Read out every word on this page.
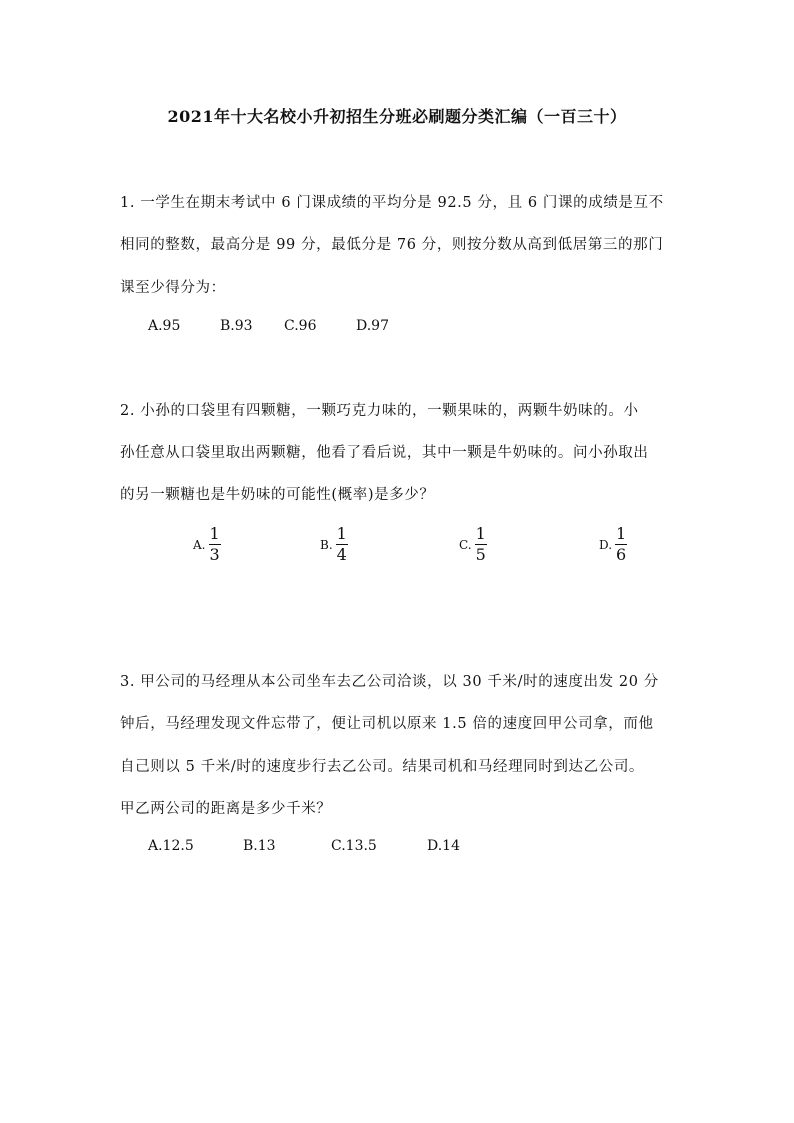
2021年十大名校小升初招生分班必刷题分类汇编（一百三十）
1. 一学生在期末考试中 6 门课成绩的平均分是 92.5 分，且 6 门课的成绩是互不
相同的整数，最高分是 99 分，最低分是 76 分，则按分数从高到低居第三的那门
课至少得分为：
A.95	B.93	C.96	D.97
2. 小孙的口袋里有四颗糖，一颗巧克力味的，一颗果味的，两颗牛奶味的。小
孙任意从口袋里取出两颗糖，他看了看后说，其中一颗是牛奶味的。问小孙取出
的另一颗糖也是牛奶味的可能性(概率)是多少？
A. $\frac{1}{3}$	B. $\frac{1}{4}$	C. $\frac{1}{5}$	D. $\frac{1}{6}$
3. 甲公司的马经理从本公司坐车去乙公司洽谈，以 30 千米/时的速度出发 20 分
钟后，马经理发现文件忘带了，便让司机以原来 1.5 倍的速度回甲公司拿，而他
自己则以 5 千米/时的速度步行去乙公司。结果司机和马经理同时到达乙公司。
甲乙两公司的距离是多少千米？
A.12.5	B.13	C.13.5	D.14
